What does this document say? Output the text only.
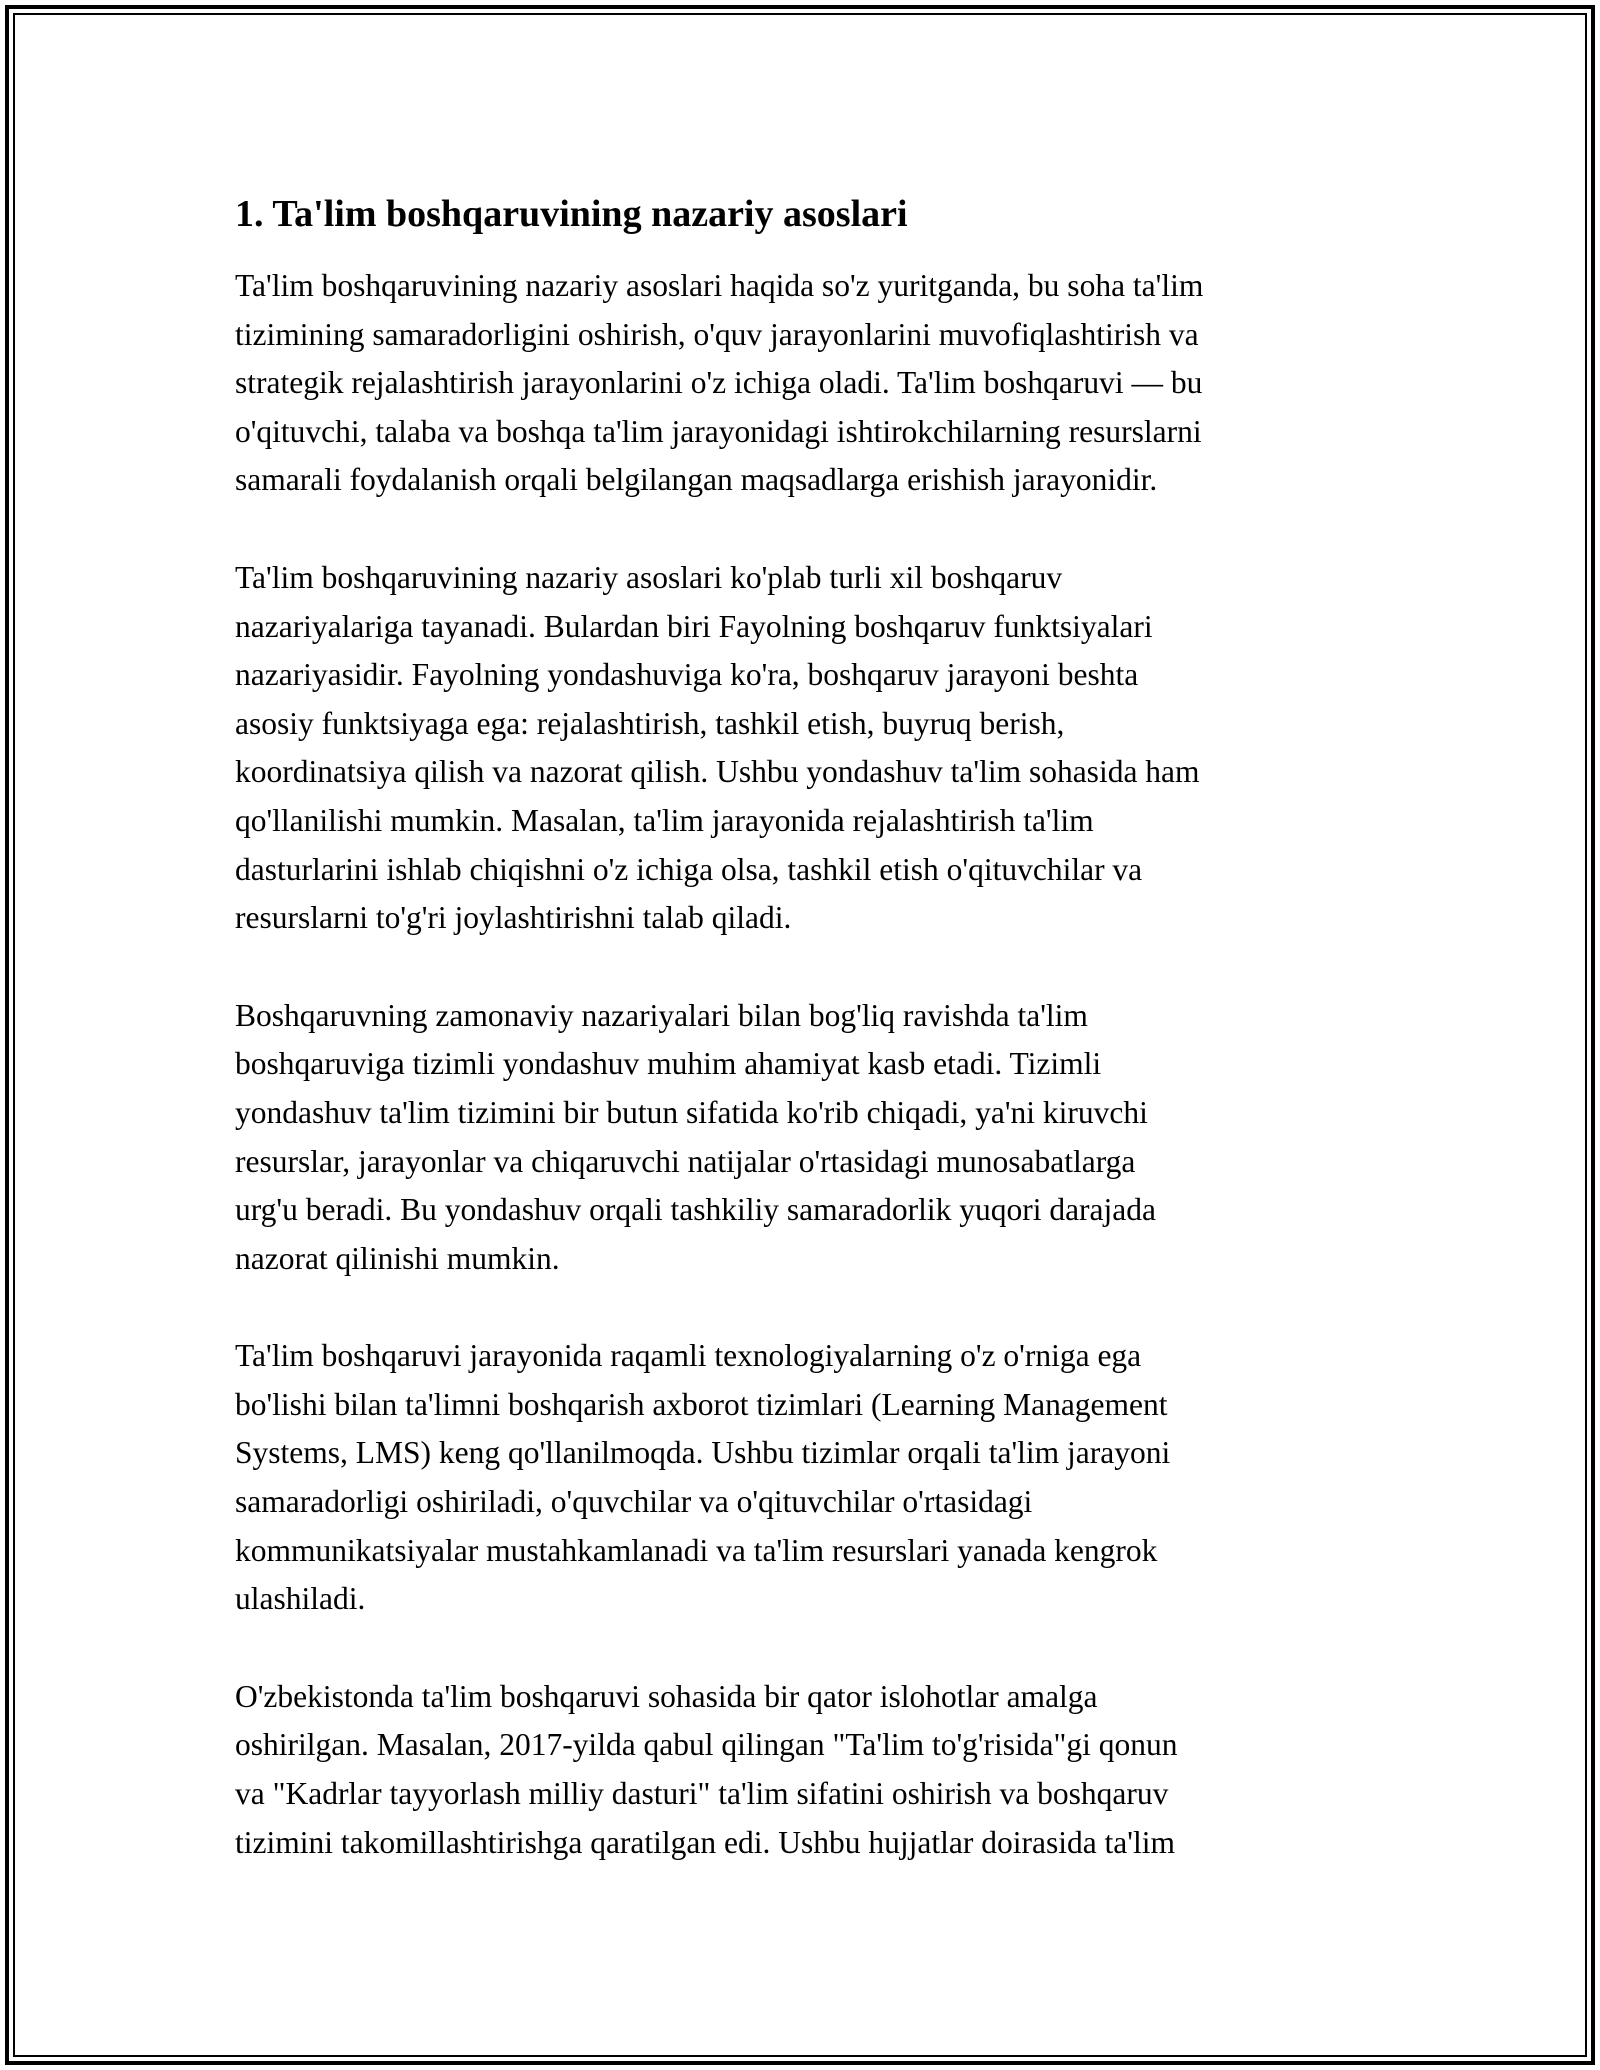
1. Ta'lim boshqaruvining nazariy asoslari

Ta'lim boshqaruvining nazariy asoslari haqida so'z yuritganda, bu soha ta'lim
tizimining samaradorligini oshirish, o'quv jarayonlarini muvofiqlashtirish va
strategik rejalashtirish jarayonlarini o'z ichiga oladi. Ta'lim boshqaruvi — bu
o'qituvchi, talaba va boshqa ta'lim jarayonidagi ishtirokchilarning resurslarni
samarali foydalanish orqali belgilangan maqsadlarga erishish jarayonidir.

Ta'lim boshqaruvining nazariy asoslari ko'plab turli xil boshqaruv
nazariyalariga tayanadi. Bulardan biri Fayolning boshqaruv funktsiyalari
nazariyasidir. Fayolning yondashuviga ko'ra, boshqaruv jarayoni beshta
asosiy funktsiyaga ega: rejalashtirish, tashkil etish, buyruq berish,
koordinatsiya qilish va nazorat qilish. Ushbu yondashuv ta'lim sohasida ham
qo'llanilishi mumkin. Masalan, ta'lim jarayonida rejalashtirish ta'lim
dasturlarini ishlab chiqishni o'z ichiga olsa, tashkil etish o'qituvchilar va
resurslarni to'g'ri joylashtirishni talab qiladi.

Boshqaruvning zamonaviy nazariyalari bilan bog'liq ravishda ta'lim
boshqaruviga tizimli yondashuv muhim ahamiyat kasb etadi. Tizimli
yondashuv ta'lim tizimini bir butun sifatida ko'rib chiqadi, ya'ni kiruvchi
resurslar, jarayonlar va chiqaruvchi natijalar o'rtasidagi munosabatlarga
urg'u beradi. Bu yondashuv orqali tashkiliy samaradorlik yuqori darajada
nazorat qilinishi mumkin.

Ta'lim boshqaruvi jarayonida raqamli texnologiyalarning o'z o'rniga ega
bo'lishi bilan ta'limni boshqarish axborot tizimlari (Learning Management
Systems, LMS) keng qo'llanilmoqda. Ushbu tizimlar orqali ta'lim jarayoni
samaradorligi oshiriladi, o'quvchilar va o'qituvchilar o'rtasidagi
kommunikatsiyalar mustahkamlanadi va ta'lim resurslari yanada kengrok
ulashiladi.

O'zbekistonda ta'lim boshqaruvi sohasida bir qator islohotlar amalga
oshirilgan. Masalan, 2017-yilda qabul qilingan "Ta'lim to'g'risida"gi qonun
va "Kadrlar tayyorlash milliy dasturi" ta'lim sifatini oshirish va boshqaruv
tizimini takomillashtirishga qaratilgan edi. Ushbu hujjatlar doirasida ta'lim
